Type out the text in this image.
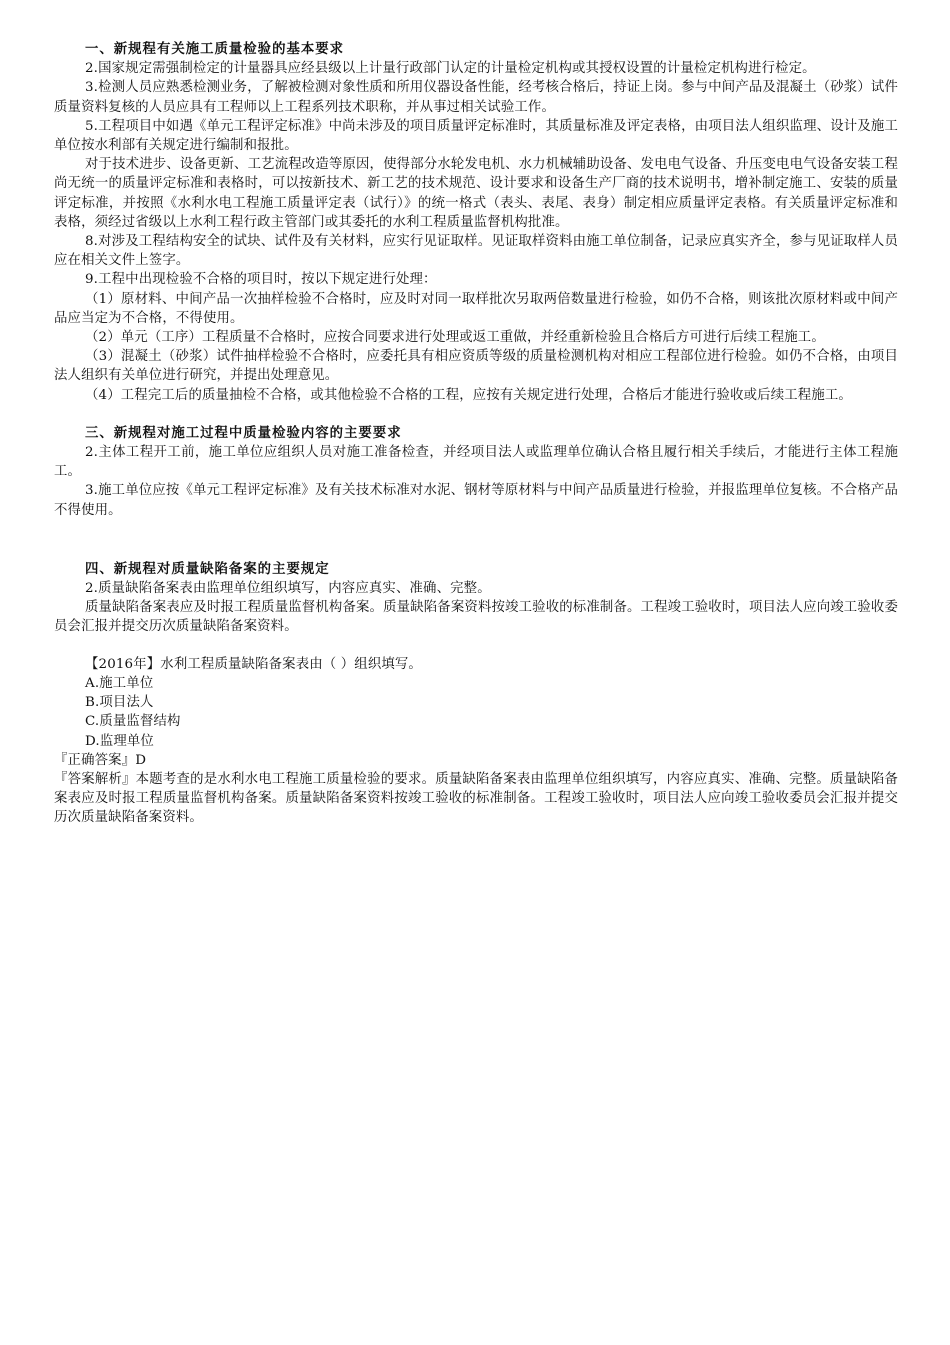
一、新规程有关施工质量检验的基本要求

2.国家规定需强制检定的计量器具应经县级以上计量行政部门认定的计量检定机构或其授权设置的计量检定机构进行检定。

3.检测人员应熟悉检测业务，了解被检测对象性质和所用仪器设备性能，经考核合格后，持证上岗。参与中间产品及混凝土（砂浆）试件质量资料复核的人员应具有工程师以上工程系列技术职称，并从事过相关试验工作。

5.工程项目中如遇《单元工程评定标准》中尚未涉及的项目质量评定标准时，其质量标准及评定表格，由项目法人组织监理、设计及施工单位按水利部有关规定进行编制和报批。

对于技术进步、设备更新、工艺流程改造等原因，使得部分水轮发电机、水力机械辅助设备、发电电气设备、升压变电电气设备安装工程尚无统一的质量评定标准和表格时，可以按新技术、新工艺的技术规范、设计要求和设备生产厂商的技术说明书，增补制定施工、安装的质量评定标准，并按照《水利水电工程施工质量评定表（试行）》的统一格式（表头、表尾、表身）制定相应质量评定表格。有关质量评定标准和表格，须经过省级以上水利工程行政主管部门或其委托的水利工程质量监督机构批准。

8.对涉及工程结构安全的试块、试件及有关材料，应实行见证取样。见证取样资料由施工单位制备，记录应真实齐全，参与见证取样人员应在相关文件上签字。

9.工程中出现检验不合格的项目时，按以下规定进行处理：

（1）原材料、中间产品一次抽样检验不合格时，应及时对同一取样批次另取两倍数量进行检验，如仍不合格，则该批次原材料或中间产品应当定为不合格，不得使用。

（2）单元（工序）工程质量不合格时，应按合同要求进行处理或返工重做，并经重新检验且合格后方可进行后续工程施工。

（3）混凝土（砂浆）试件抽样检验不合格时，应委托具有相应资质等级的质量检测机构对相应工程部位进行检验。如仍不合格，由项目法人组织有关单位进行研究，并提出处理意见。

（4）工程完工后的质量抽检不合格，或其他检验不合格的工程，应按有关规定进行处理，合格后才能进行验收或后续工程施工。

三、新规程对施工过程中质量检验内容的主要要求

2.主体工程开工前，施工单位应组织人员对施工准备检查，并经项目法人或监理单位确认合格且履行相关手续后，才能进行主体工程施工。

3.施工单位应按《单元工程评定标准》及有关技术标准对水泥、钢材等原材料与中间产品质量进行检验，并报监理单位复核。不合格产品不得使用。

四、新规程对质量缺陷备案的主要规定

2.质量缺陷备案表由监理单位组织填写，内容应真实、准确、完整。

质量缺陷备案表应及时报工程质量监督机构备案。质量缺陷备案资料按竣工验收的标准制备。工程竣工验收时，项目法人应向竣工验收委员会汇报并提交历次质量缺陷备案资料。

【2016年】水利工程质量缺陷备案表由（ ）组织填写。

A.施工单位

B.项目法人

C.质量监督结构

D.监理单位

『正确答案』D

『答案解析』本题考查的是水利水电工程施工质量检验的要求。质量缺陷备案表由监理单位组织填写，内容应真实、准确、完整。质量缺陷备案表应及时报工程质量监督机构备案。质量缺陷备案资料按竣工验收的标准制备。工程竣工验收时，项目法人应向竣工验收委员会汇报并提交历次质量缺陷备案资料。
